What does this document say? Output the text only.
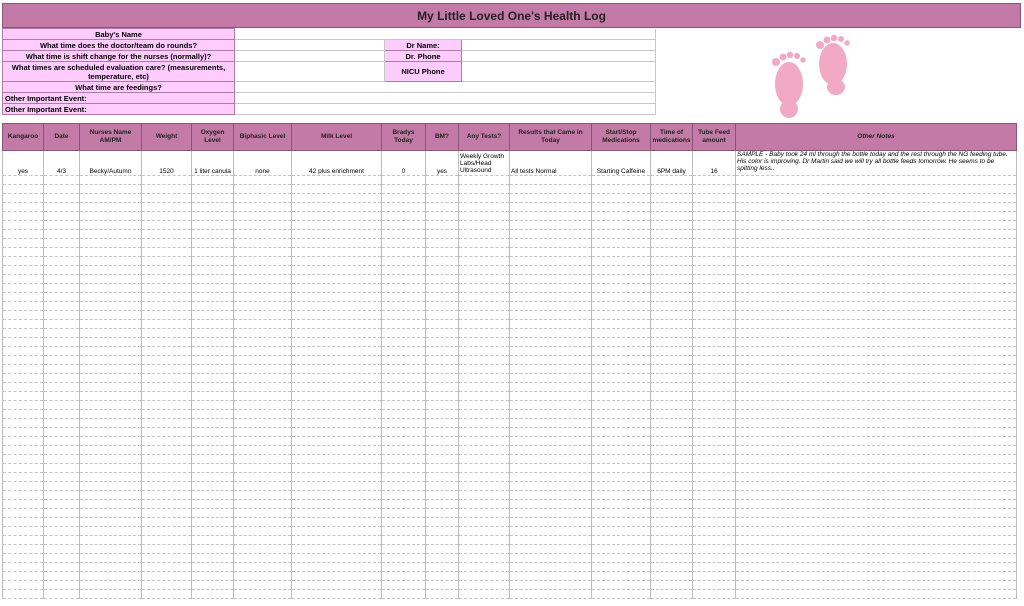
My Little Loved One's Health Log
Baby's Name			
What time does the doctor/team do rounds?		Dr Name:	
What time is shift change for the nurses (normally)?		Dr. Phone	
What times are scheduled evaluation care? (measurements, temperature, etc)		NICU Phone	
What time are feedings?			
Other Important Event:			
Other Important Event:			
Kangaroo	Date	Nurses Name AM/PM	Weight	Oxygen Level	Biphasic Level	Milk Level	Bradys Today	BM?	Any Tests?	Results that Came in Today	Start/Stop Medications	Time of medications	Tube Feed amount	Other Notes
yes	4/3	Becky/Autumn	1520	1 liter canula	none	42 plus enrichment	0	yes	Weekly Growth Labs/Head Ultrasound	All tests Normal	Starting Caffeine	6PM daily	16	SAMPLE - Baby took 24 ml through the bottle today and the rest through the NG feeding tube. His color is improving. Dr Martin said we will try all bottle feeds tomorrow. He seems to be spitting less..
